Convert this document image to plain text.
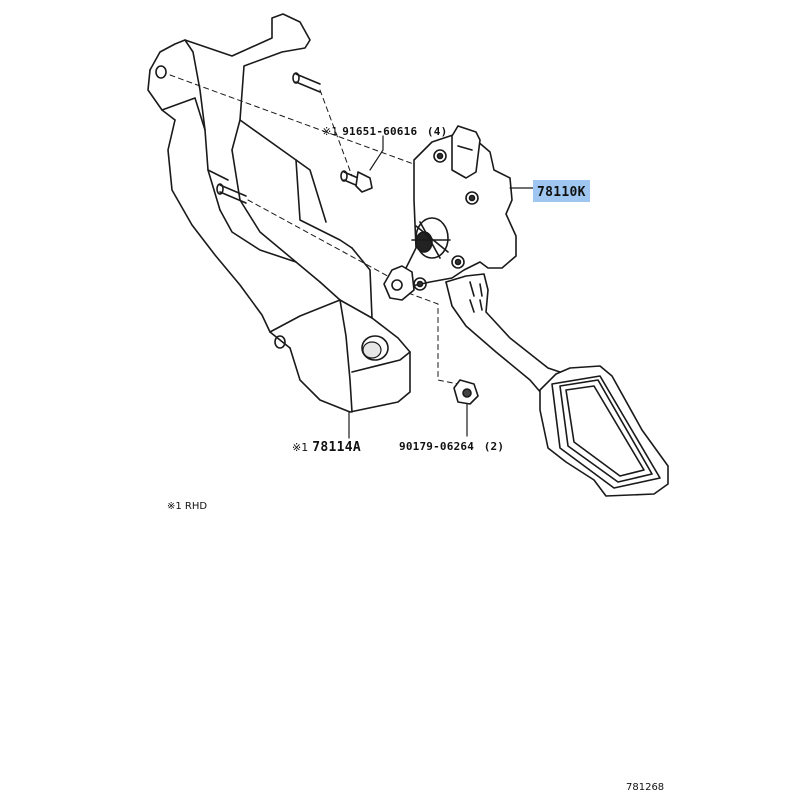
※1 91651-60616 (4)
78110K
※1 78114A	90179-06264 (2)
※1 RHD
781268
